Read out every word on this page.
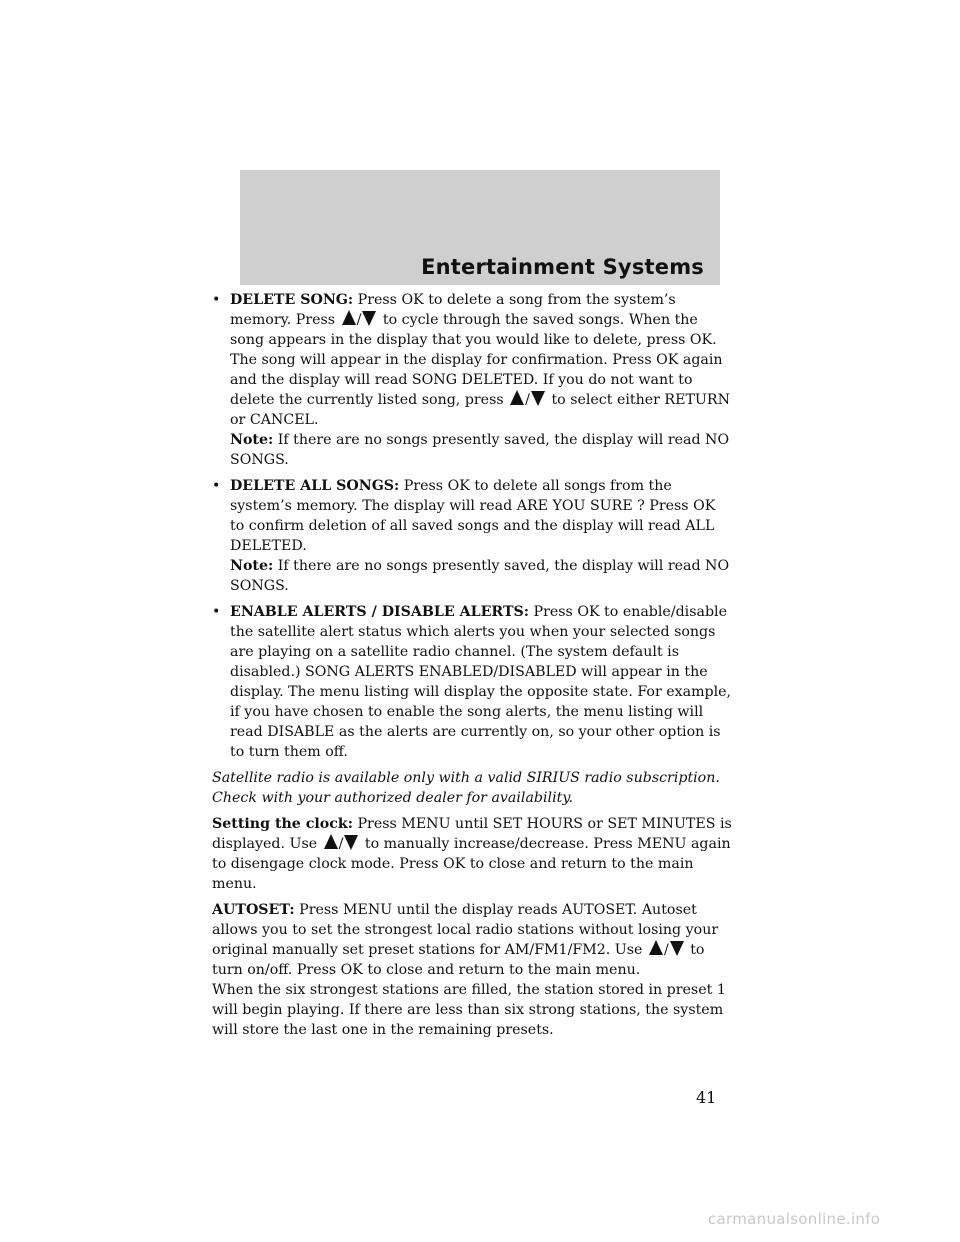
Entertainment Systems
• DELETE SONG: Press OK to delete a song from the system’s memory. Press / to cycle through the saved songs. When the song appears in the display that you would like to delete, press OK. The song will appear in the display for confirmation. Press OK again and the display will read SONG DELETED. If you do not want to delete the currently listed song, press / to select either RETURN or CANCEL.
Note: If there are no songs presently saved, the display will read NO SONGS.
• DELETE ALL SONGS: Press OK to delete all songs from the system’s memory. The display will read ARE YOU SURE ? Press OK to confirm deletion of all saved songs and the display will read ALL DELETED.
Note: If there are no songs presently saved, the display will read NO SONGS.
• ENABLE ALERTS / DISABLE ALERTS: Press OK to enable/disable the satellite alert status which alerts you when your selected songs are playing on a satellite radio channel. (The system default is disabled.) SONG ALERTS ENABLED/DISABLED will appear in the display. The menu listing will display the opposite state. For example, if you have chosen to enable the song alerts, the menu listing will read DISABLE as the alerts are currently on, so your other option is to turn them off.
Satellite radio is available only with a valid SIRIUS radio subscription. Check with your authorized dealer for availability.
Setting the clock: Press MENU until SET HOURS or SET MINUTES is displayed. Use / to manually increase/decrease. Press MENU again to disengage clock mode. Press OK to close and return to the main menu.
AUTOSET: Press MENU until the display reads AUTOSET. Autoset allows you to set the strongest local radio stations without losing your original manually set preset stations for AM/FM1/FM2. Use / to turn on/off. Press OK to close and return to the main menu.
When the six strongest stations are filled, the station stored in preset 1 will begin playing. If there are less than six strong stations, the system will store the last one in the remaining presets.
41
carmanualsonline.info
